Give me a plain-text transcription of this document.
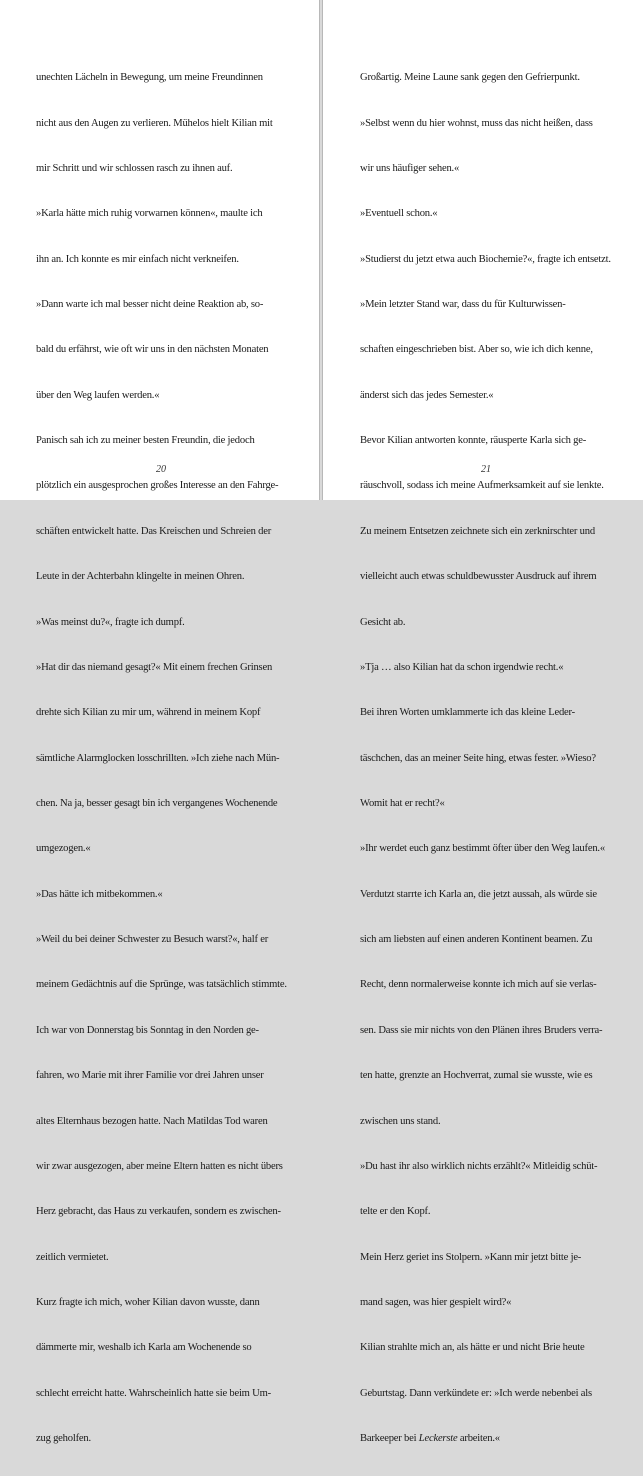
unechten Lächeln in Bewegung, um meine Freundinnen

nicht aus den Augen zu verlieren. Mühelos hielt Kilian mit

mir Schritt und wir schlossen rasch zu ihnen auf.

»Karla hätte mich ruhig vorwarnen können«, maulte ich

ihn an. Ich konnte es mir einfach nicht verkneifen.

»Dann warte ich mal besser nicht deine Reaktion ab, so-

bald du erfährst, wie oft wir uns in den nächsten Monaten

über den Weg laufen werden.«

Panisch sah ich zu meiner besten Freundin, die jedoch

plötzlich ein ausgesprochen großes Interesse an den Fahrge-

schäften entwickelt hatte. Das Kreischen und Schreien der

Leute in der Achterbahn klingelte in meinen Ohren.

»Was meinst du?«, fragte ich dumpf.

»Hat dir das niemand gesagt?« Mit einem frechen Grinsen

drehte sich Kilian zu mir um, während in meinem Kopf

sämtliche Alarmglocken losschrillten. »Ich ziehe nach Mün-

chen. Na ja, besser gesagt bin ich vergangenes Wochenende

umgezogen.«

»Das hätte ich mitbekommen.«

»Weil du bei deiner Schwester zu Besuch warst?«, half er

meinem Gedächtnis auf die Sprünge, was tatsächlich stimmte.

Ich war von Donnerstag bis Sonntag in den Norden ge-

fahren, wo Marie mit ihrer Familie vor drei Jahren unser

altes Elternhaus bezogen hatte. Nach Matildas Tod waren

wir zwar ausgezogen, aber meine Eltern hatten es nicht übers

Herz gebracht, das Haus zu verkaufen, sondern es zwischen-

zeitlich vermietet.

Kurz fragte ich mich, woher Kilian davon wusste, dann

dämmerte mir, weshalb ich Karla am Wochenende so

schlecht erreicht hatte. Wahrscheinlich hatte sie beim Um-

zug geholfen.

20

Großartig. Meine Laune sank gegen den Gefrierpunkt.

»Selbst wenn du hier wohnst, muss das nicht heißen, dass

wir uns häufiger sehen.«

»Eventuell schon.«

»Studierst du jetzt etwa auch Biochemie?«, fragte ich entsetzt.

»Mein letzter Stand war, dass du für Kulturwissen-

schaften eingeschrieben bist. Aber so, wie ich dich kenne,

änderst sich das jedes Semester.«

Bevor Kilian antworten konnte, räusperte Karla sich ge-

räuschvoll, sodass ich meine Aufmerksamkeit auf sie lenkte.

Zu meinem Entsetzen zeichnete sich ein zerknirschter und

vielleicht auch etwas schuldbewusster Ausdruck auf ihrem

Gesicht ab.

»Tja … also Kilian hat da schon irgendwie recht.«

Bei ihren Worten umklammerte ich das kleine Leder-

täschchen, das an meiner Seite hing, etwas fester. »Wieso?

Womit hat er recht?«

»Ihr werdet euch ganz bestimmt öfter über den Weg laufen.«

Verdutzt starrte ich Karla an, die jetzt aussah, als würde sie

sich am liebsten auf einen anderen Kontinent beamen. Zu

Recht, denn normalerweise konnte ich mich auf sie verlas-

sen. Dass sie mir nichts von den Plänen ihres Bruders verra-

ten hatte, grenzte an Hochverrat, zumal sie wusste, wie es

zwischen uns stand.

»Du hast ihr also wirklich nichts erzählt?« Mitleidig schüt-

telte er den Kopf.

Mein Herz geriet ins Stolpern. »Kann mir jetzt bitte je-

mand sagen, was hier gespielt wird?«

Kilian strahlte mich an, als hätte er und nicht Brie heute

Geburtstag. Dann verkündete er: »Ich werde nebenbei als

Barkeeper bei Leckerste arbeiten.«

21
